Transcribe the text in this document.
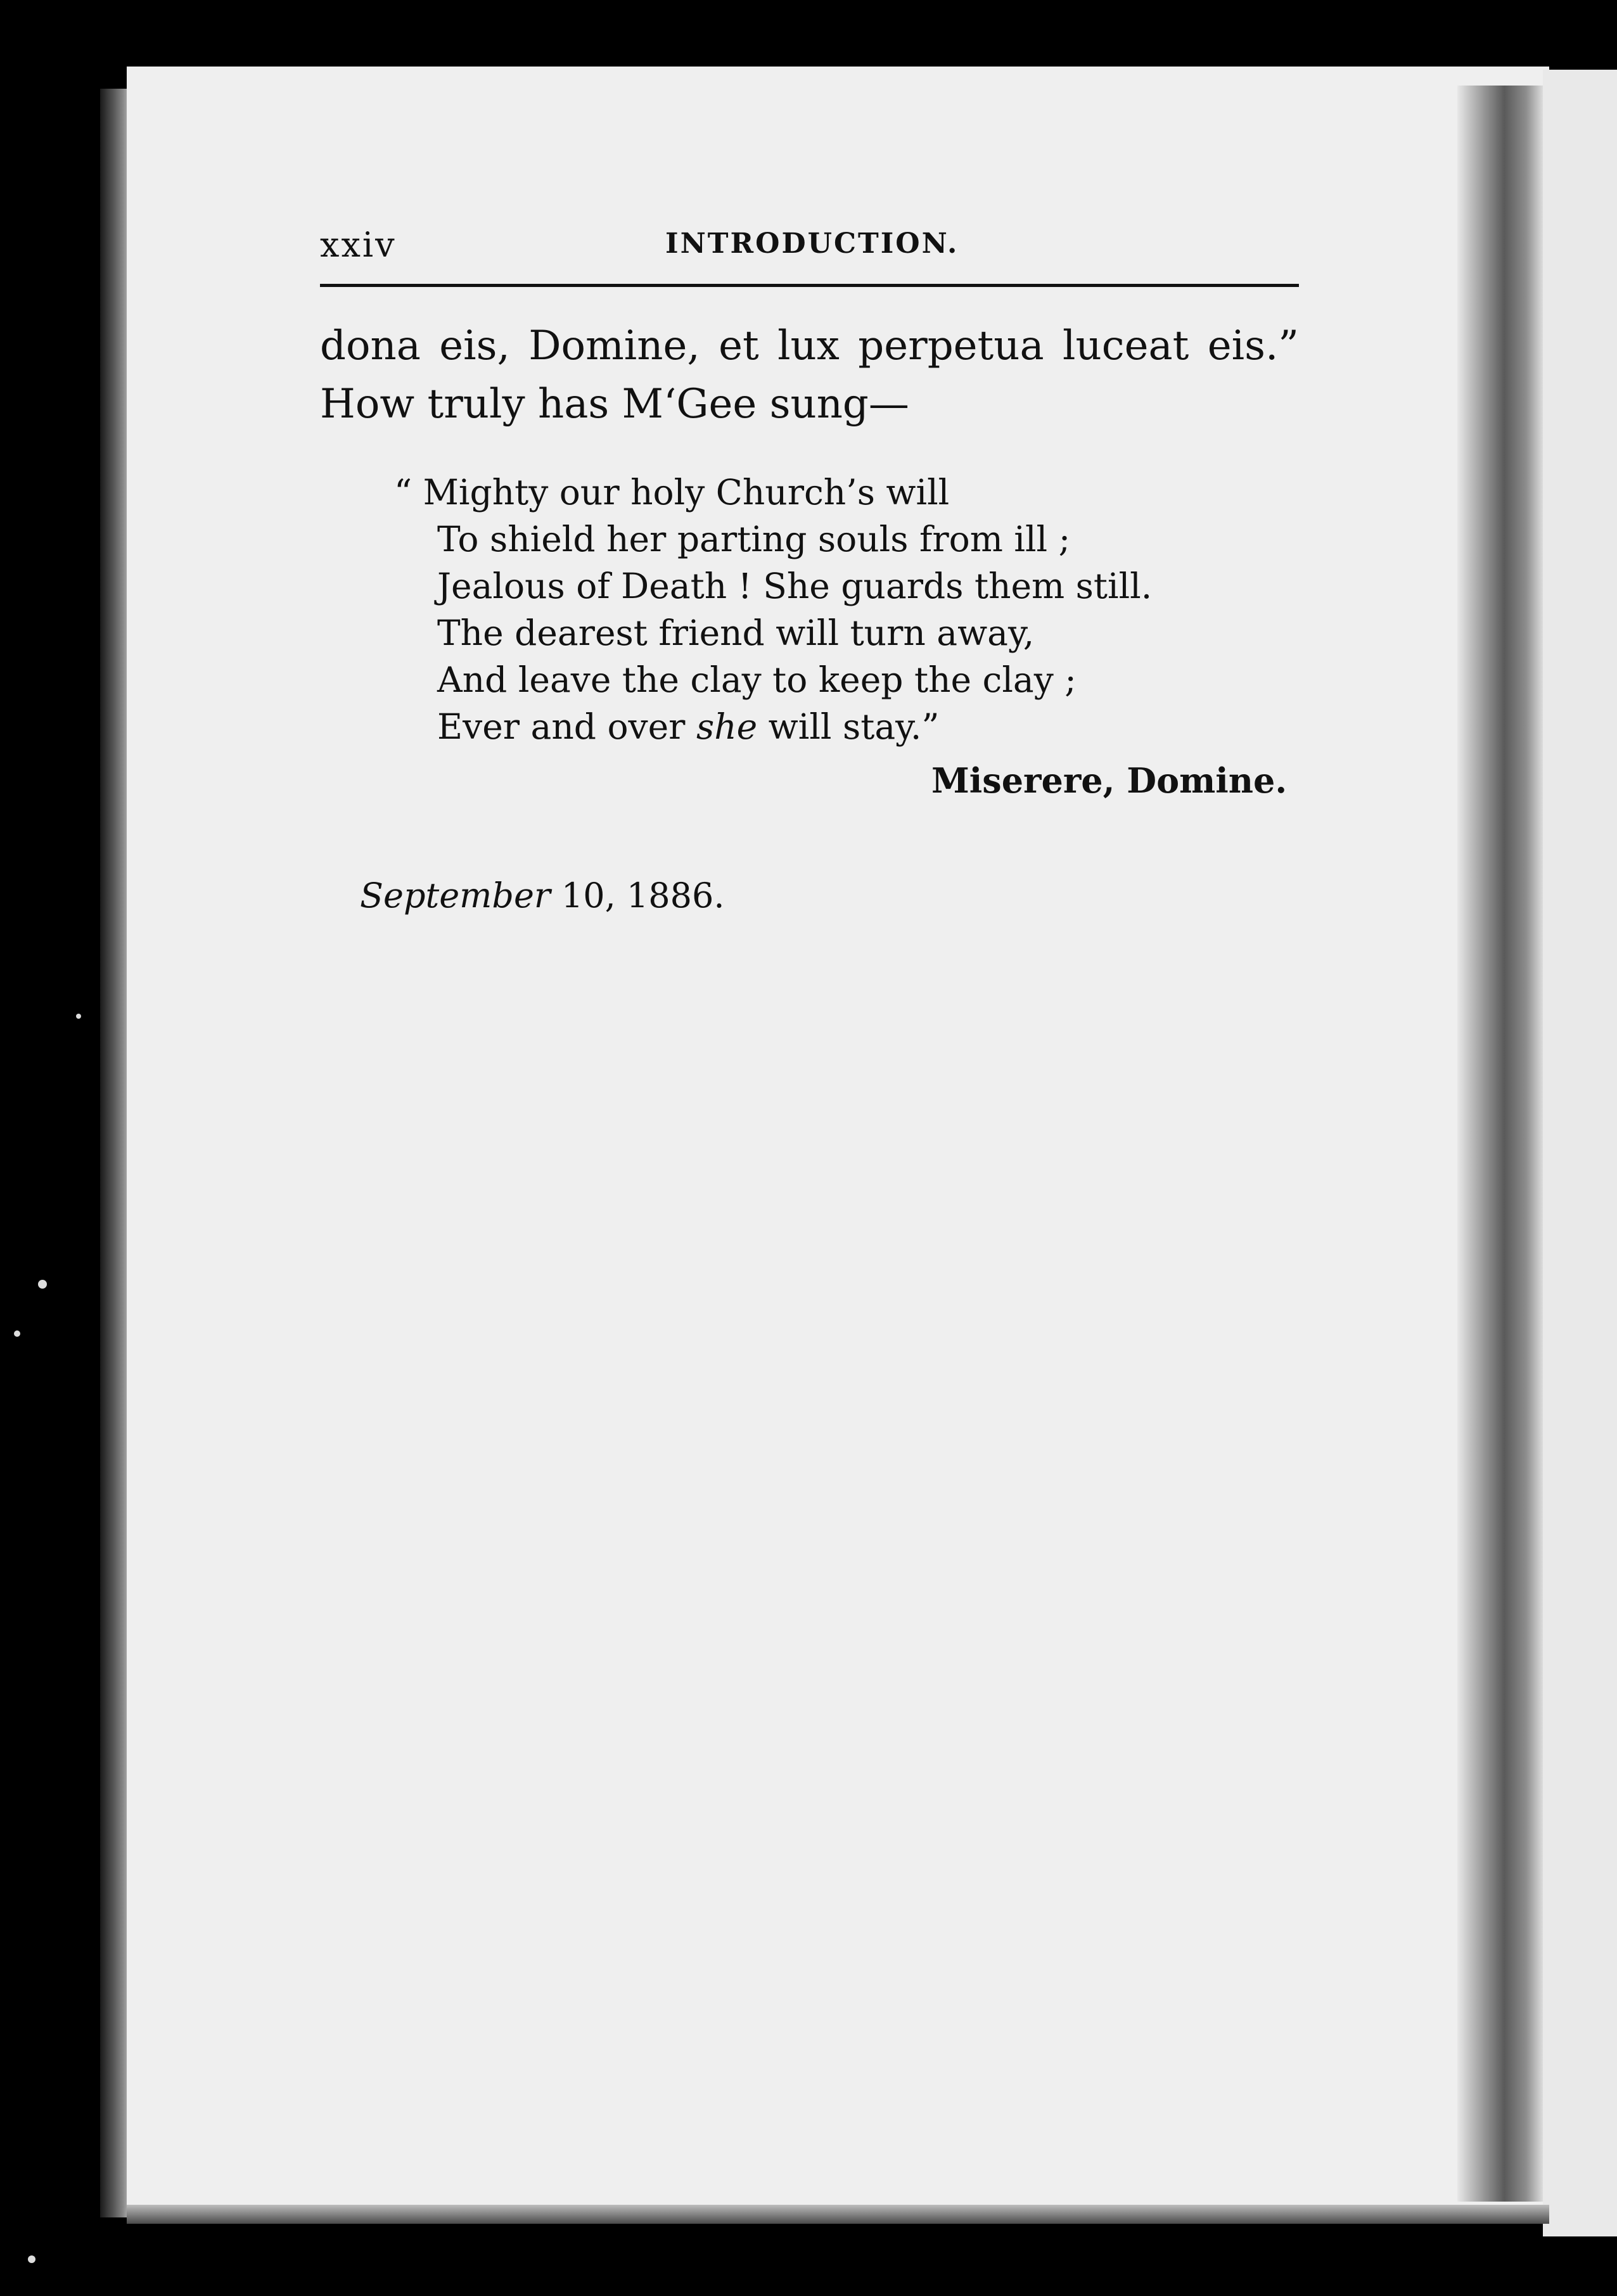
xxiv	INTRODUCTION.
dona eis, Domine, et lux perpetua luceat eis.”
How truly has M‘Gee sung—
“ Mighty our holy Church’s will
To shield her parting souls from ill ;
Jealous of Death ! She guards them still.
The dearest friend will turn away,
And leave the clay to keep the clay ;
Ever and over she will stay.”
Miserere, Domine.
September 10, 1886.
